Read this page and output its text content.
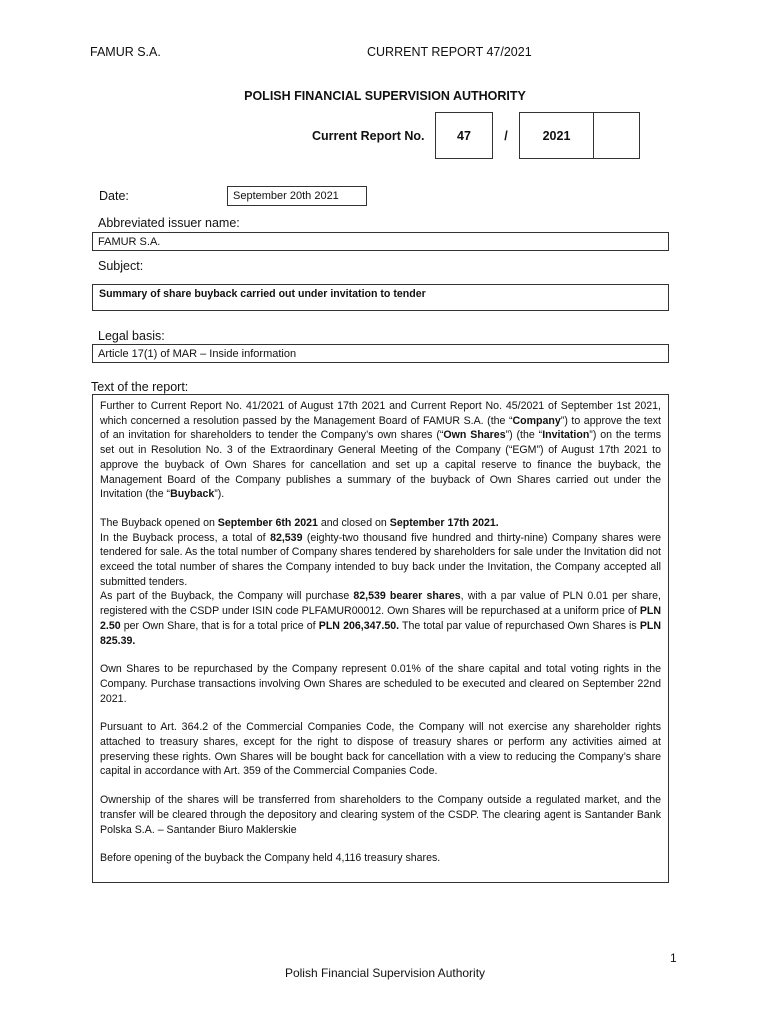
FAMUR S.A.	CURRENT REPORT 47/2021
POLISH FINANCIAL SUPERVISION AUTHORITY
Current Report No.	47	/	2021
Date:	September 20th 2021
Abbreviated issuer name:
FAMUR S.A.
Subject:
Summary of share buyback carried out under invitation to tender
Legal basis:
Article 17(1) of MAR – Inside information
Text of the report:

Further to Current Report No. 41/2021 of August 17th 2021 and Current Report No. 45/2021 of September 1st 2021, which concerned a resolution passed by the Management Board of FAMUR S.A. (the “Company”) to approve the text of an invitation for shareholders to tender the Company’s own shares (“Own Shares”) (the “Invitation”) on the terms set out in Resolution No. 3 of the Extraordinary General Meeting of the Company (“EGM”) of August 17th 2021 to approve the buyback of Own Shares for cancellation and set up a capital reserve to finance the buyback, the Management Board of the Company publishes a summary of the buyback of Own Shares carried out under the Invitation (the “Buyback”).

The Buyback opened on September 6th 2021 and closed on September 17th 2021.

In the Buyback process, a total of 82,539 (eighty-two thousand five hundred and thirty-nine) Company shares were tendered for sale. As the total number of Company shares tendered by shareholders for sale under the Invitation did not exceed the total number of shares the Company intended to buy back under the Invitation, the Company accepted all submitted tenders.

As part of the Buyback, the Company will purchase 82,539 bearer shares, with a par value of PLN 0.01 per share, registered with the CSDP under ISIN code PLFAMUR00012. Own Shares will be repurchased at a uniform price of PLN 2.50 per Own Share, that is for a total price of PLN 206,347.50. The total par value of repurchased Own Shares is PLN 825.39.

Own Shares to be repurchased by the Company represent 0.01% of the share capital and total voting rights in the Company. Purchase transactions involving Own Shares are scheduled to be executed and cleared on September 22nd 2021.

Pursuant to Art. 364.2 of the Commercial Companies Code, the Company will not exercise any shareholder rights attached to treasury shares, except for the right to dispose of treasury shares or perform any activities aimed at preserving these rights. Own Shares will be bought back for cancellation with a view to reducing the Company’s share capital in accordance with Art. 359 of the Commercial Companies Code.

Ownership of the shares will be transferred from shareholders to the Company outside a regulated market, and the transfer will be cleared through the depository and clearing system of the CSDP. The clearing agent is Santander Bank Polska S.A. – Santander Biuro Maklerskie

Before opening of the buyback the Company held 4,116 treasury shares.

1
Polish Financial Supervision Authority
